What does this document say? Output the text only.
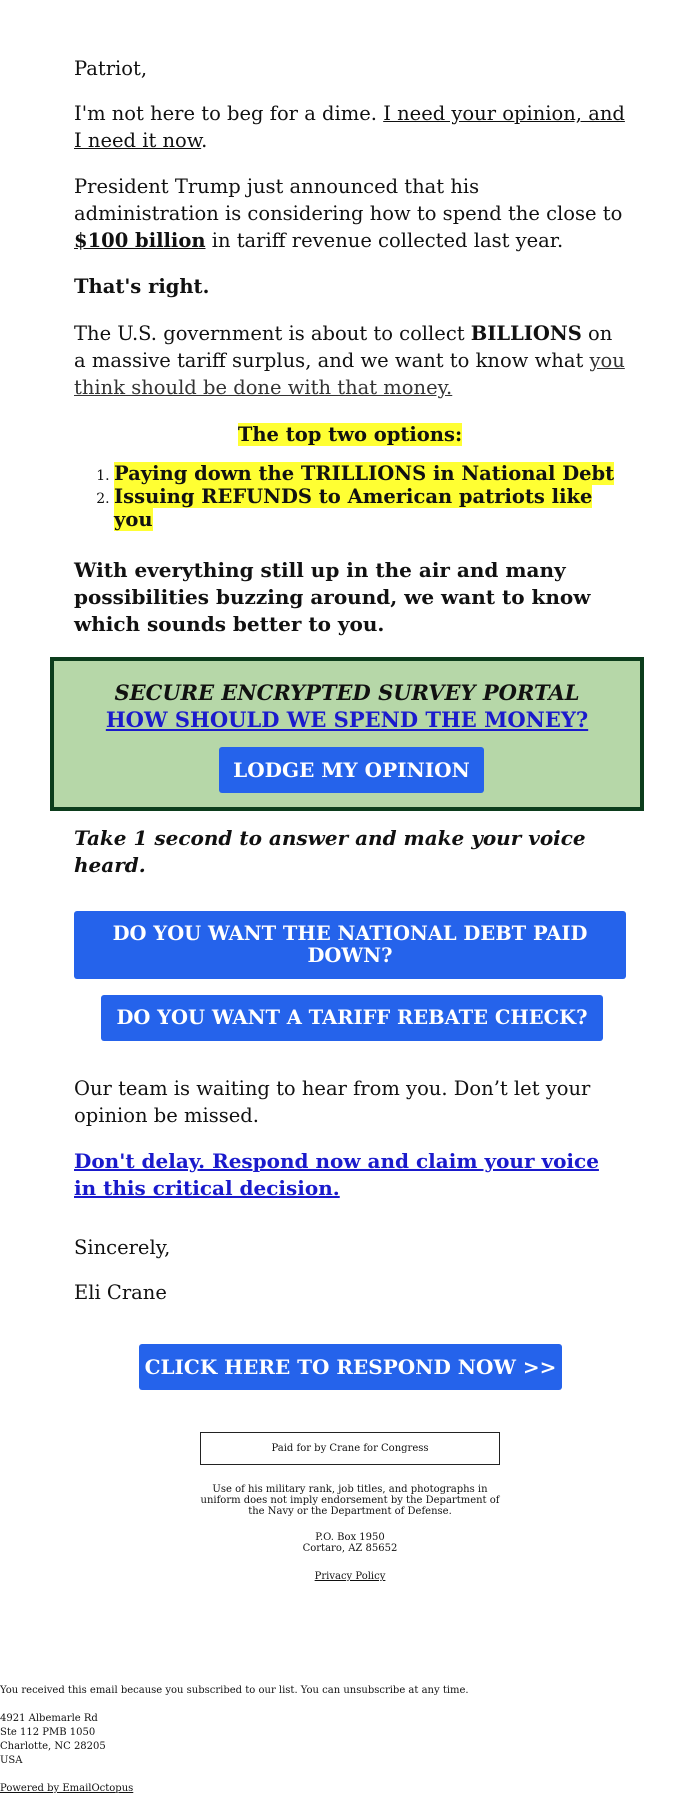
Patriot,

I'm not here to beg for a dime. I need your opinion, and I need it now.

President Trump just announced that his administration is considering how to spend the close to $100 billion in tariff revenue collected last year.

That's right.

The U.S. government is about to collect BILLIONS on a massive tariff surplus, and we want to know what you think should be done with that money.

The top two options:

1. Paying down the TRILLIONS in National Debt
2. Issuing REFUNDS to American patriots like you

With everything still up in the air and many possibilities buzzing around, we want to know which sounds better to you.

SECURE ENCRYPTED SURVEY PORTAL
HOW SHOULD WE SPEND THE MONEY?
LODGE MY OPINION

Take 1 second to answer and make your voice heard.

DO YOU WANT THE NATIONAL DEBT PAID DOWN?
DO YOU WANT A TARIFF REBATE CHECK?

Our team is waiting to hear from you. Don’t let your opinion be missed.

Don't delay. Respond now and claim your voice in this critical decision.

Sincerely,

Eli Crane

CLICK HERE TO RESPOND NOW >>
Paid for by Crane for Congress
Use of his military rank, job titles, and photographs in uniform does not imply endorsement by the Department of the Navy or the Department of Defense.
P.O. Box 1950
Cortaro, AZ 85652
Privacy Policy
You received this email because you subscribed to our list. You can unsubscribe at any time.
4921 Albemarle Rd
Ste 112 PMB 1050
Charlotte, NC 28205
USA
Powered by EmailOctopus
